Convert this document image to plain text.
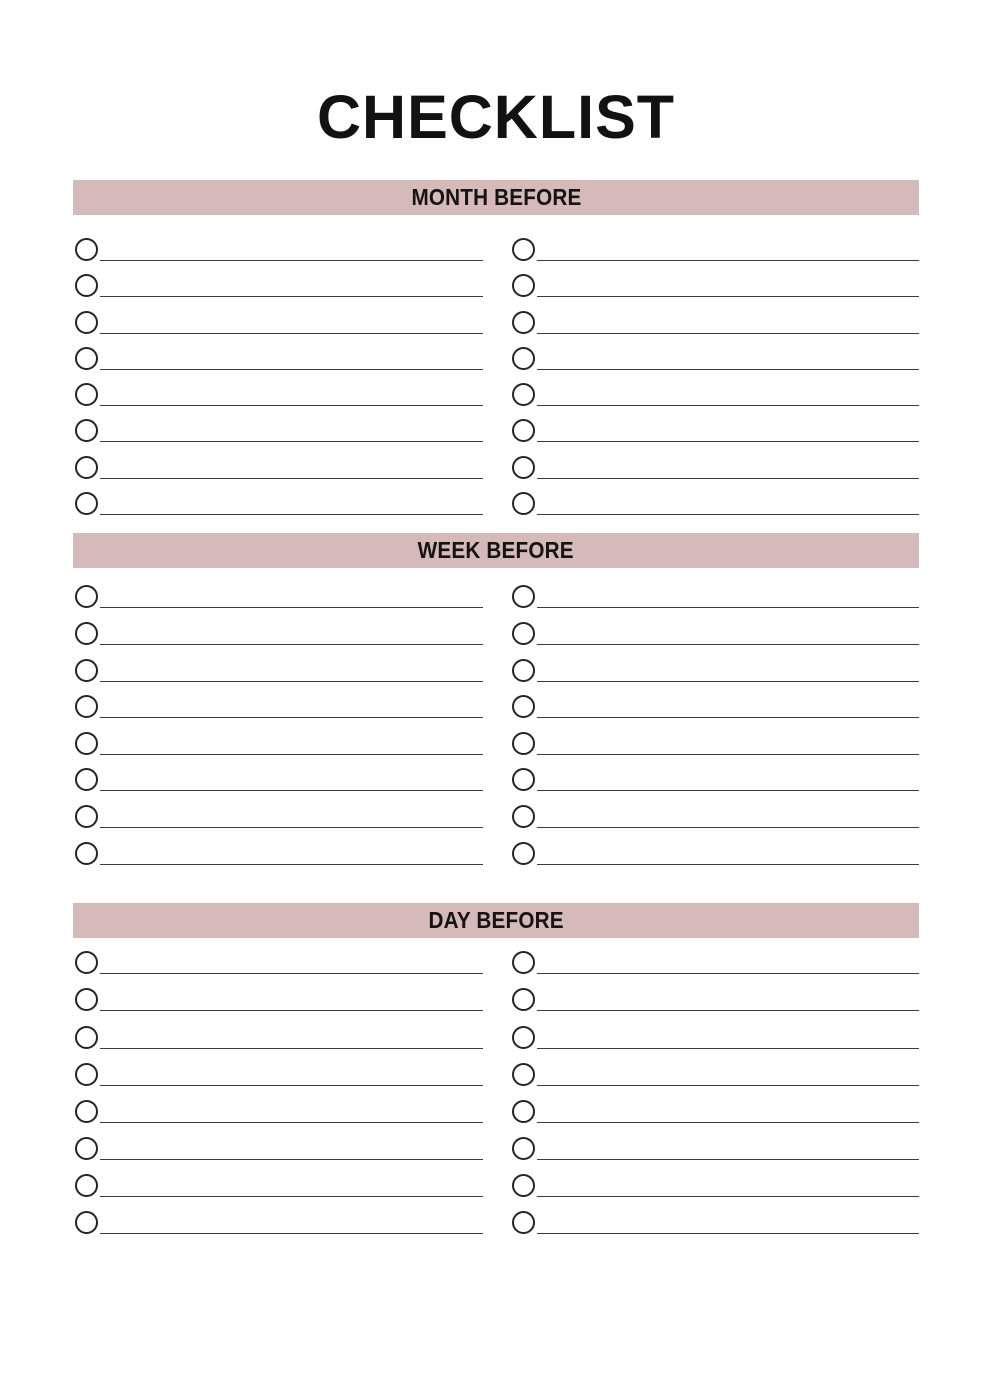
CHECKLIST
MONTH BEFORE
WEEK BEFORE
DAY BEFORE
